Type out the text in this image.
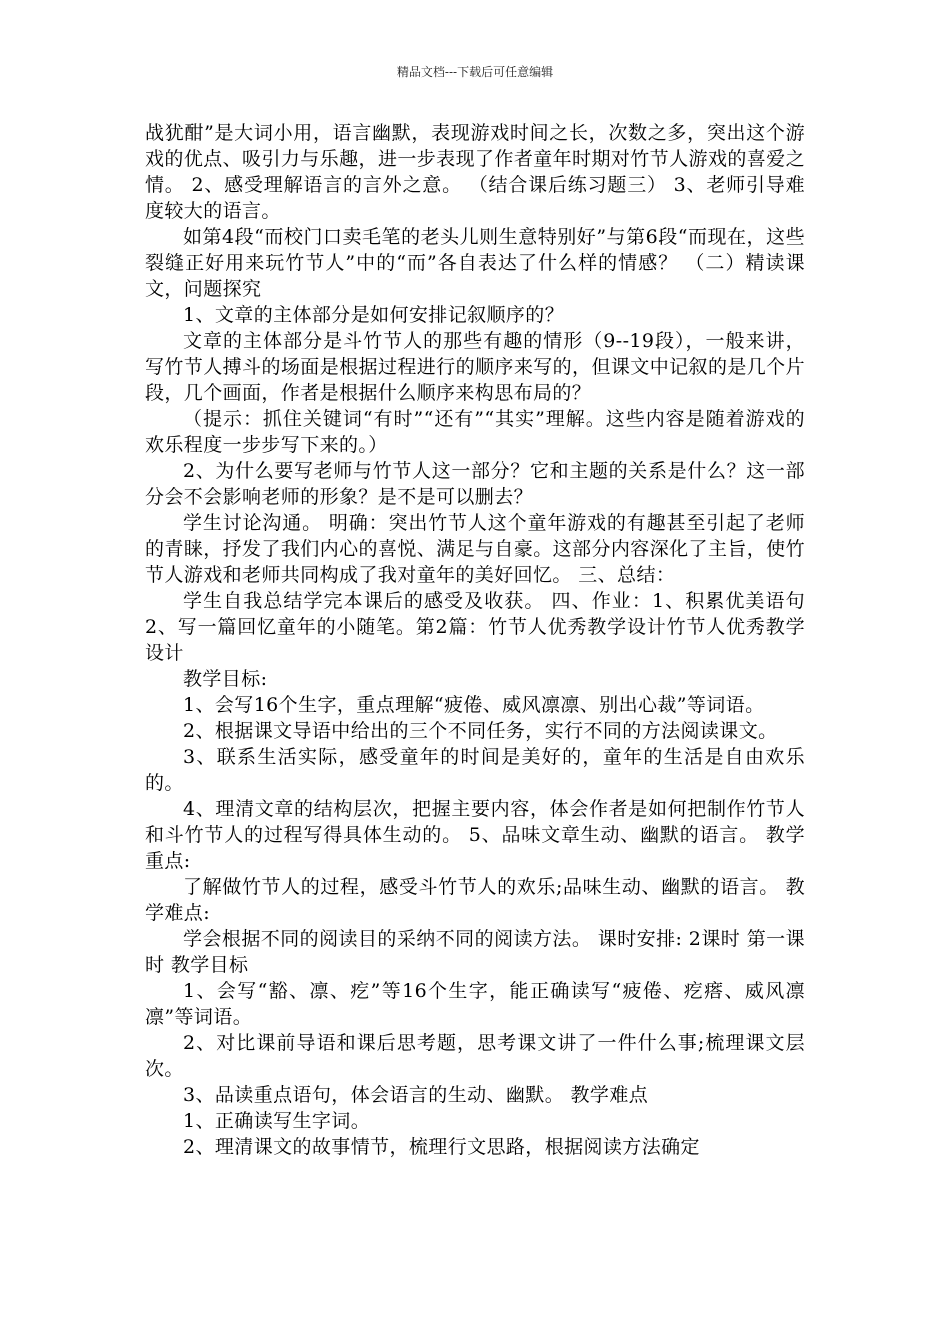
精品文档---下载后可任意编辑

战犹酣”是大词小用，语言幽默，表现游戏时间之长，次数之多，突出这个游戏的优点、吸引力与乐趣，进一步表现了作者童年时期对竹节人游戏的喜爱之情。 2、感受理解语言的言外之意。 （结合课后练习题三） 3、老师引导难度较大的语言。

如第4段“而校门口卖毛笔的老头儿则生意特别好”与第6段“而现在，这些裂缝正好用来玩竹节人”中的“而”各自表达了什么样的情感？ （二）精读课文，问题探究

1、文章的主体部分是如何安排记叙顺序的？

文章的主体部分是斗竹节人的那些有趣的情形（9--19段），一般来讲，写竹节人搏斗的场面是根据过程进行的顺序来写的，但课文中记叙的是几个片段，几个画面，作者是根据什么顺序来构思布局的？

（提示：抓住关键词“有时”“还有”“其实”理解。这些内容是随着游戏的欢乐程度一步步写下来的。）

2、为什么要写老师与竹节人这一部分？它和主题的关系是什么？这一部分会不会影响老师的形象？是不是可以删去？

学生讨论沟通。 明确：突出竹节人这个童年游戏的有趣甚至引起了老师的青睐，抒发了我们内心的喜悦、满足与自豪。这部分内容深化了主旨，使竹节人游戏和老师共同构成了我对童年的美好回忆。 三、总结：

学生自我总结学完本课后的感受及收获。 四、作业：1、积累优美语句 2、写一篇回忆童年的小随笔。第2篇：竹节人优秀教学设计竹节人优秀教学设计

教学目标:

1、会写16个生字，重点理解“疲倦、威风凛凛、别出心裁”等词语。

2、根据课文导语中给出的三个不同任务，实行不同的方法阅读课文。

3、联系生活实际，感受童年的时间是美好的，童年的生活是自由欢乐的。

4、理清文章的结构层次，把握主要内容，体会作者是如何把制作竹节人和斗竹节人的过程写得具体生动的。 5、品味文章生动、幽默的语言。 教学重点:

了解做竹节人的过程，感受斗竹节人的欢乐;品味生动、幽默的语言。 教学难点:

学会根据不同的阅读目的采纳不同的阅读方法。 课时安排: 2课时 第一课时 教学目标

1、会写“豁、凛、疙”等16个生字，能正确读写“疲倦、疙瘩、威风凛凛”等词语。

2、对比课前导语和课后思考题，思考课文讲了一件什么事;梳理课文层次。

3、品读重点语句，体会语言的生动、幽默。 教学难点

1、正确读写生字词。

2、理清课文的故事情节，梳理行文思路，根据阅读方法确定
